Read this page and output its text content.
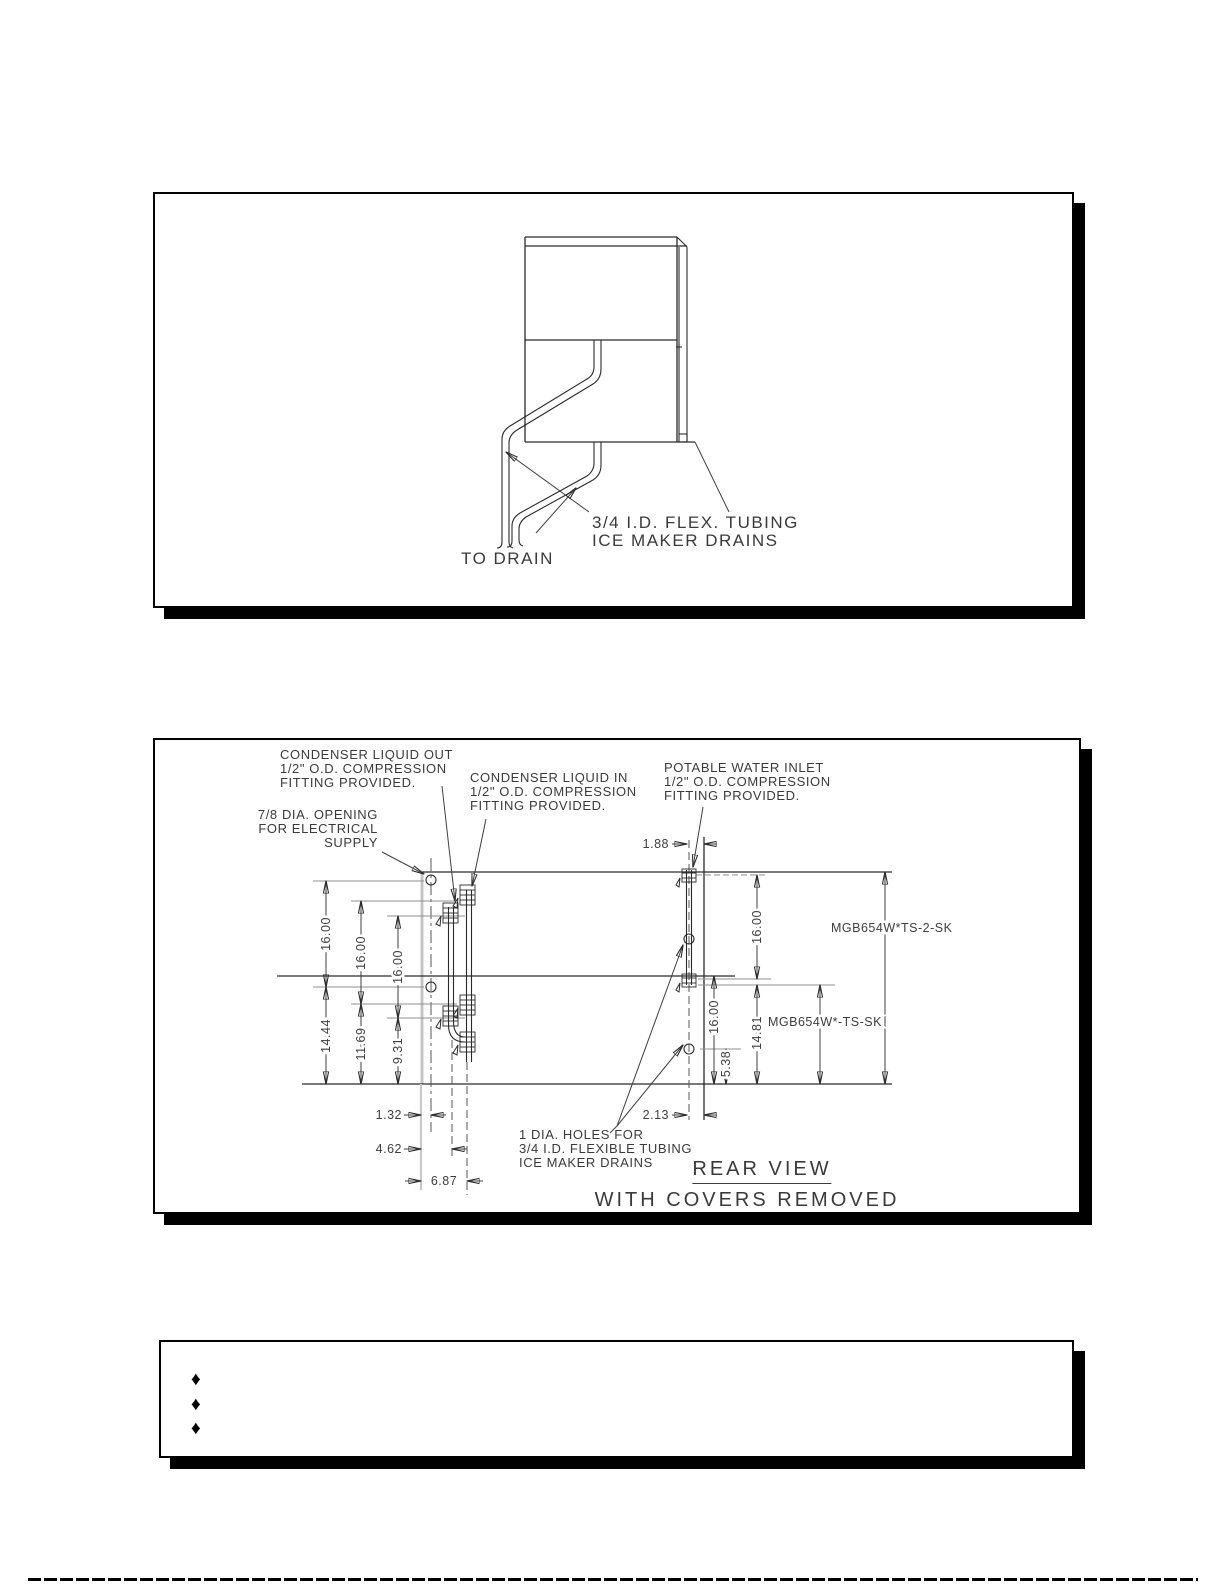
3/4 I.D. FLEX. TUBING
ICE MAKER DRAINS
TO DRAIN
16.00
16.00 16.00
14.44 11.69 9.31
16.00
16.00 14.81
5.38
MGB654W*TS-2-SK
MGB654W*-TS-SK
1.88
2.13
1.32
4.62
6.87
CONDENSER LIQUID OUT
1/2" O.D. COMPRESSION
FITTING PROVIDED.	CONDENSER LIQUID IN
1/2" O.D. COMPRESSION
FITTING PROVIDED.
POTABLE WATER INLET
1/2" O.D. COMPRESSION
FITTING PROVIDED.
7/8 DIA. OPENING
FOR ELECTRICAL
SUPPLY
1 DIA. HOLES FOR
3/4 I.D. FLEXIBLE TUBING
ICE MAKER DRAINS	REAR VIEW
WITH COVERS REMOVED
♦
♦
♦
